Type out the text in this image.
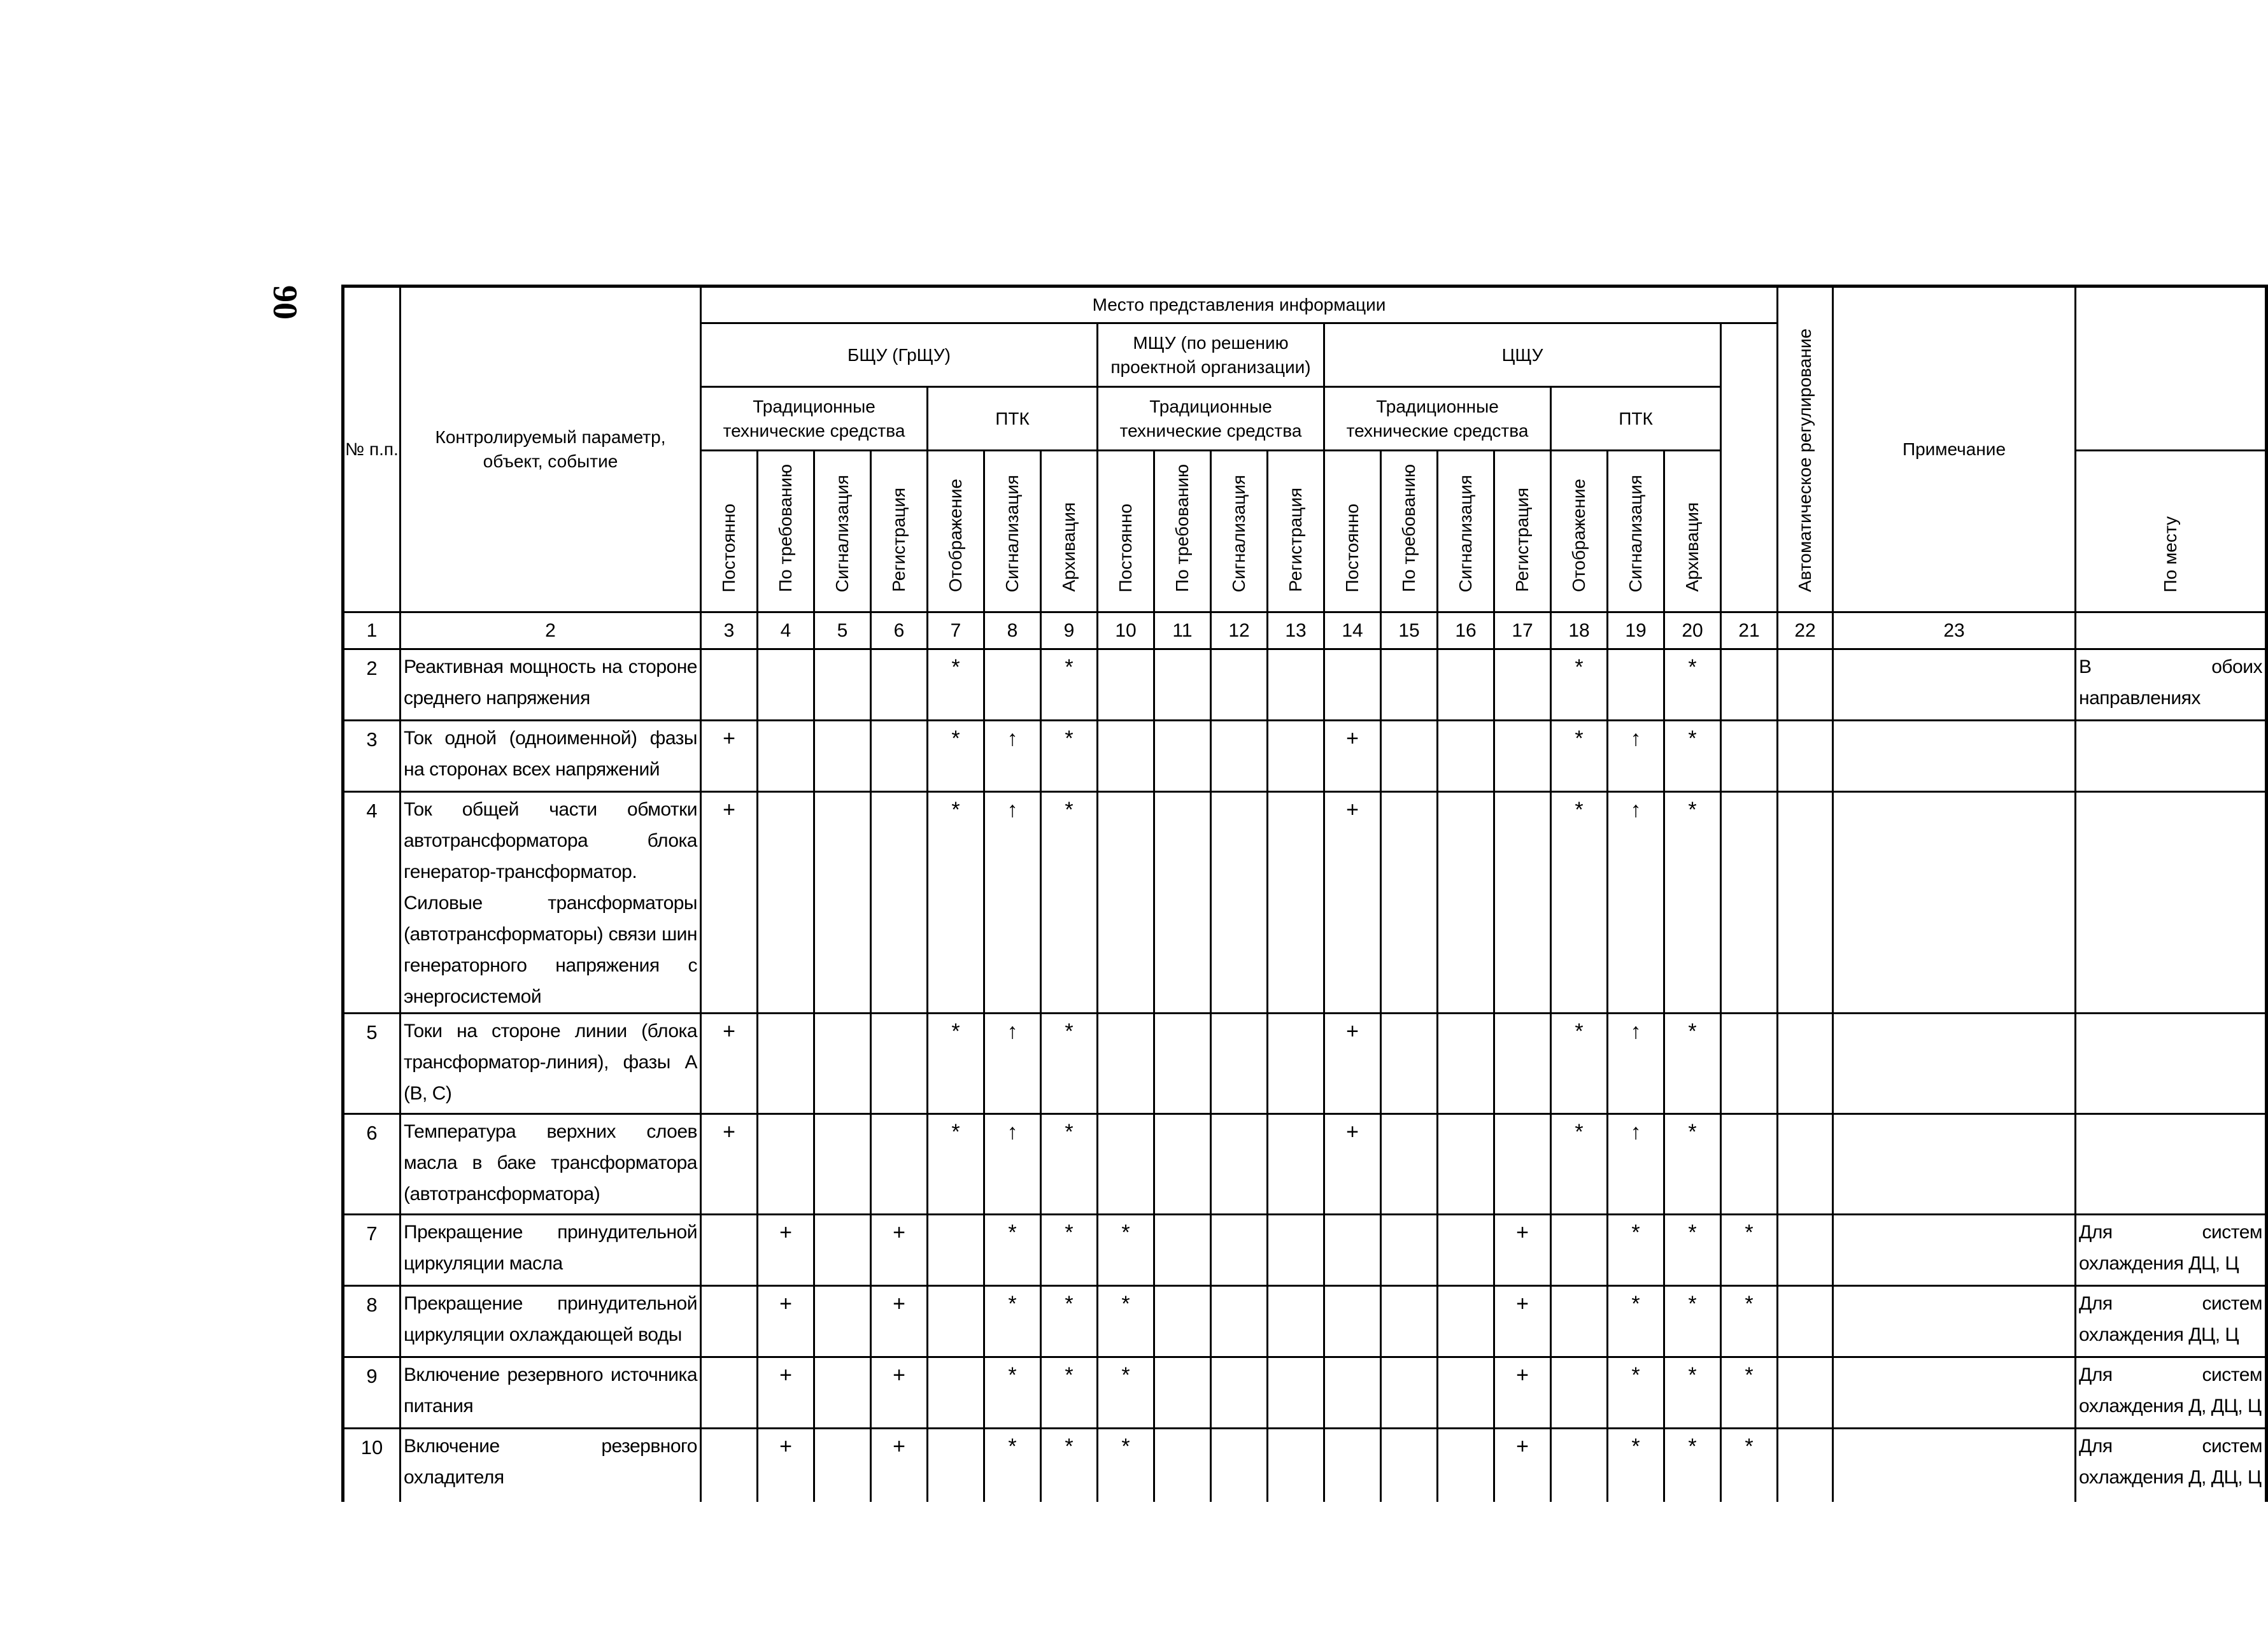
90
№ п.п.	Контролируемый параметр, объект, событие	Место представления информации																			Автоматическое регулирование	Примечание	
		БЩУ (ГрЩУ)							МЩУ (по решению проектной организации)				ЦЩУ										
		Традиционные технические средства				ПТК			Традиционные технические средства				Традиционные технические средства				ПТК						
		Постоянно	По требованию	Сигнализация	Регистрация	Отображение	Сигнализация	Архивация	Постоянно	По требованию	Сигнализация	Регистрация	Постоянно	По требованию	Сигнализация	Регистрация	Отображение	Сигнализация	Архивация				По месту
1	2	3	4	5	6	7	8	9	10	11	12	13	14	15	16	17	18	19	20	21	22	23	
2	Реактивная мощность на стороне среднего напряжения					*		*									*		*				В обоих направлениях
3	Ток одной (одноименной) фазы на сторонах всех напряжений	+				*	↑	*					+				*	↑	*				
4	Ток общей части обмотки автотрансформатора блока генератор-трансформатор. Силовые трансформаторы (автотрансформаторы) связи шин генераторного напряжения с энергосистемой	+				*	↑	*					+				*	↑	*				
5	Токи на стороне линии (блока трансформатор-линия), фазы А (В, С)	+				*	↑	*					+				*	↑	*				
6	Температура верхних слоев масла в баке трансформатора (автотрансформатора)	+				*	↑	*					+				*	↑	*				
7	Прекращение принудительной циркуляции масла		+		+		*	*	*							+		*	*	*			Для систем охлаждения ДЦ, Ц
8	Прекращение принудительной циркуляции охлаждающей воды		+		+		*	*	*							+		*	*	*			Для систем охлаждения ДЦ, Ц
9	Включение резервного источника питания		+		+		*	*	*							+		*	*	*			Для систем охлаждения Д, ДЦ, Ц
10	Включение резервного охладителя		+		+		*	*	*							+		*	*	*			Для систем охлаждения Д, ДЦ, Ц
